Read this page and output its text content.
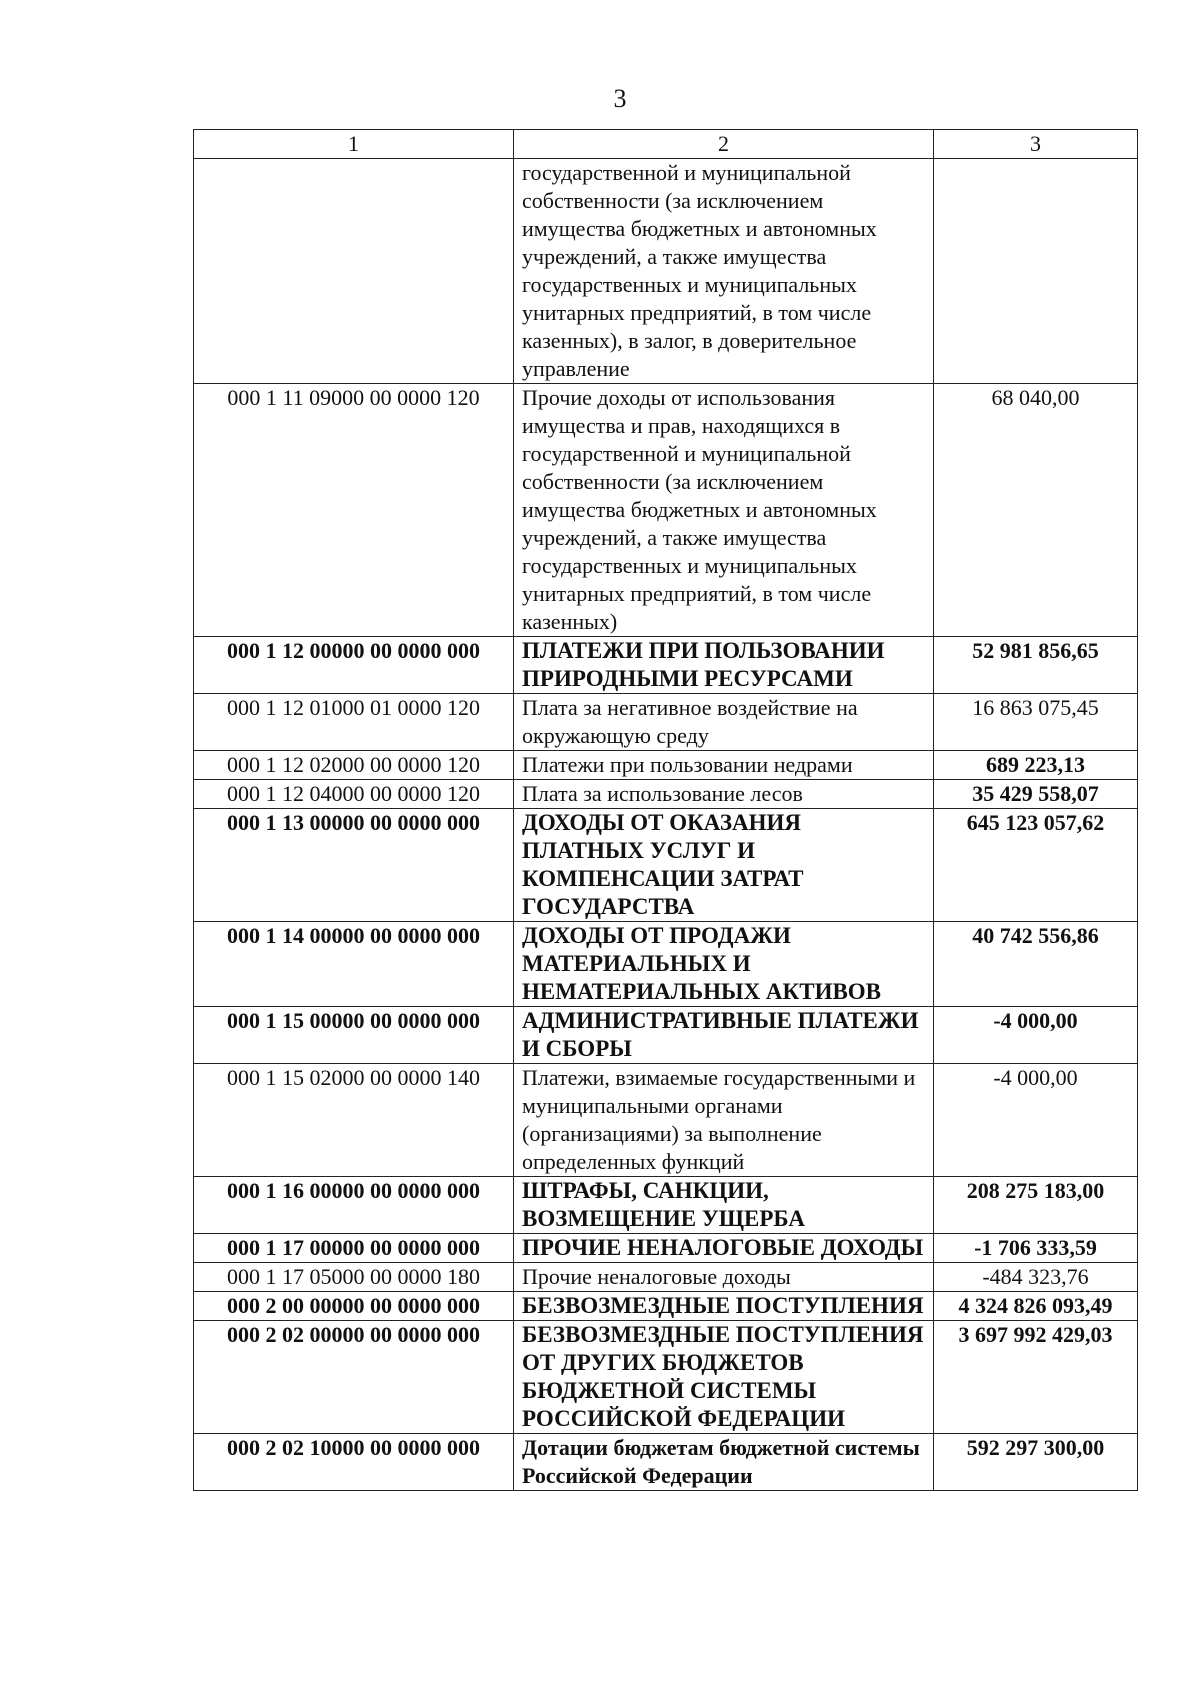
3
1	2	3
	государственной и муниципальной собственности (за исключением имущества бюджетных и автономных учреждений, а также имущества государственных и муниципальных унитарных предприятий, в том числе казенных), в залог, в доверительное управление	
000 1 11 09000 00 0000 120	Прочие доходы от использования имущества и прав, находящихся в государственной и муниципальной собственности (за исключением имущества бюджетных и автономных учреждений, а также имущества государственных и муниципальных унитарных предприятий, в том числе казенных)	68 040,00
000 1 12 00000 00 0000 000	ПЛАТЕЖИ ПРИ ПОЛЬЗОВАНИИ ПРИРОДНЫМИ РЕСУРСАМИ	52 981 856,65
000 1 12 01000 01 0000 120	Плата за негативное воздействие на окружающую среду	16 863 075,45
000 1 12 02000 00 0000 120	Платежи при пользовании недрами	689 223,13
000 1 12 04000 00 0000 120	Плата за использование лесов	35 429 558,07
000 1 13 00000 00 0000 000	ДОХОДЫ ОТ ОКАЗАНИЯ ПЛАТНЫХ УСЛУГ И КОМПЕНСАЦИИ ЗАТРАТ ГОСУДАРСТВА	645 123 057,62
000 1 14 00000 00 0000 000	ДОХОДЫ ОТ ПРОДАЖИ МАТЕРИАЛЬНЫХ И НЕМАТЕРИАЛЬНЫХ АКТИВОВ	40 742 556,86
000 1 15 00000 00 0000 000	АДМИНИСТРАТИВНЫЕ ПЛАТЕЖИ И СБОРЫ	-4 000,00
000 1 15 02000 00 0000 140	Платежи, взимаемые государственными и муниципальными органами (организациями) за выполнение определенных функций	-4 000,00
000 1 16 00000 00 0000 000	ШТРАФЫ, САНКЦИИ, ВОЗМЕЩЕНИЕ УЩЕРБА	208 275 183,00
000 1 17 00000 00 0000 000	ПРОЧИЕ НЕНАЛОГОВЫЕ ДОХОДЫ	-1 706 333,59
000 1 17 05000 00 0000 180	Прочие неналоговые доходы	-484 323,76
000 2 00 00000 00 0000 000	БЕЗВОЗМЕЗДНЫЕ ПОСТУПЛЕНИЯ	4 324 826 093,49
000 2 02 00000 00 0000 000	БЕЗВОЗМЕЗДНЫЕ ПОСТУПЛЕНИЯ ОТ ДРУГИХ БЮДЖЕТОВ БЮДЖЕТНОЙ СИСТЕМЫ РОССИЙСКОЙ ФЕДЕРАЦИИ	3 697 992 429,03
000 2 02 10000 00 0000 000	Дотации бюджетам бюджетной системы Российской Федерации	592 297 300,00
